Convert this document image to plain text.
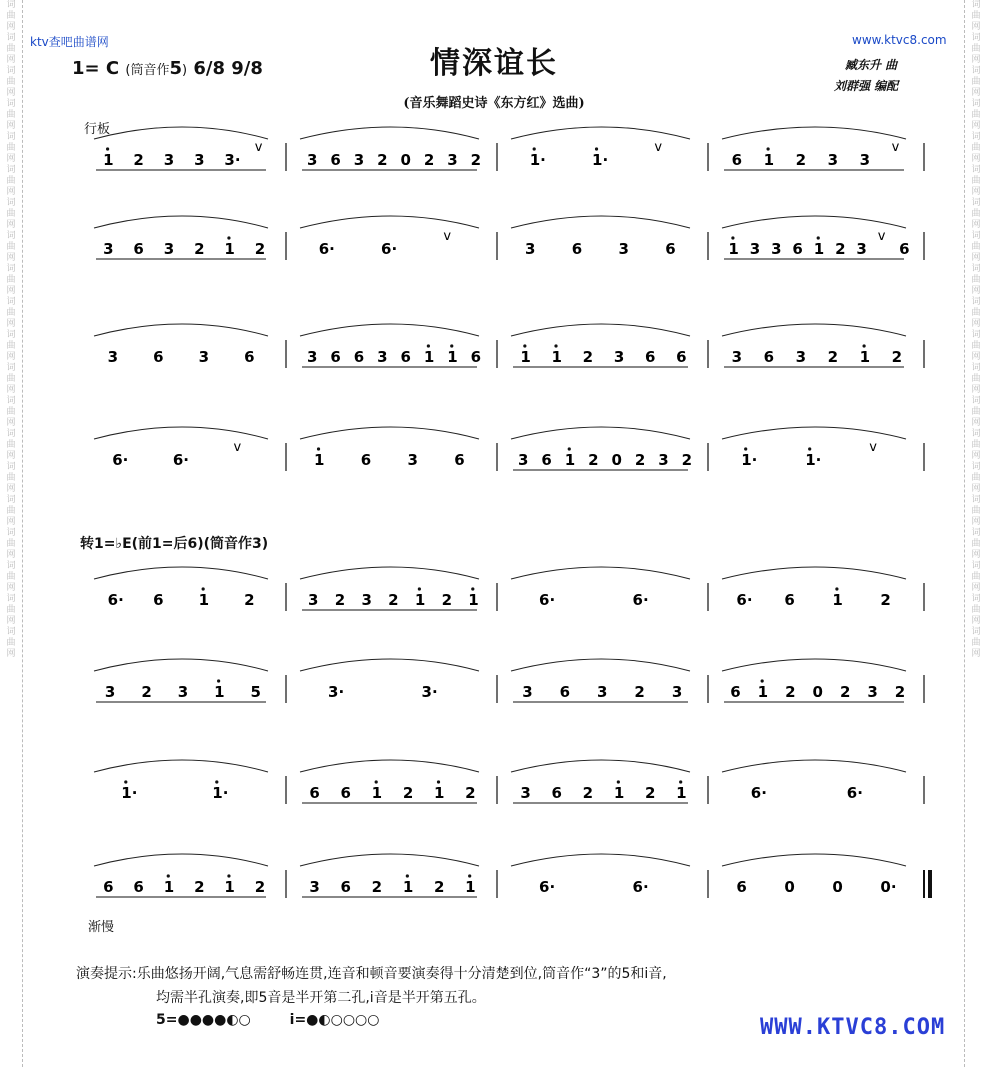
词曲网词曲网词曲网词曲网词曲网词曲网词曲网词曲网词曲网词曲网词曲网词曲网词曲网词曲网词曲网词曲网词曲网词曲网词曲网词曲网
词曲网词曲网词曲网词曲网词曲网词曲网词曲网词曲网词曲网词曲网词曲网词曲网词曲网词曲网词曲网词曲网词曲网词曲网词曲网词曲网
ktv查吧曲谱网	www.ktvc8.com
情深谊长
(音乐舞蹈史诗《东方红》选曲)
1= C (筒音作5) 6/8 9/8	臧东升 曲
刘群强 编配
行板
转1=♭E(前1=后6)(筒音作3)
渐慢
1 2 3 3 3·
v
3 6 3 2 0 2 3 2	1·	1·
v
6 1 2 3 3
v
3 6 3 2 1 2	6·	6·
v
3 6 3 6	1 3 3 6 1 2 3
v
6
3 6 3 6	3 6 6 3 6 1 1 6	1 1 2 3 6 6	3 6 3 2 1 2
6·	6·
v
1 6 3 6	3 6 1 2 0 2 3 2	1·	1·
v
6· 6 1 2	3 2 3 2 1 2 1	6·	6·	6· 6	1	2
3 2 3 1 5	3·	3·	3 6 3 2 3	6 1 2 0 2 3 2
1·	1·	6 6 1 2 1 2	3 6 2 1 2 1	6·	6·
6 6 1 2 1 2	3 6 2 1 2 1	6·	6·	6	0	0	0·
演奏提示:乐曲悠扬开阔,气息需舒畅连贯,连音和顿音要演奏得十分清楚到位,筒音作“3”的5和i音,
均需半孔演奏,即5音是半开第二孔,i音是半开第五孔。
5=●●●●◐○	i=●◐○○○○	WWW.KTVC8.COM
